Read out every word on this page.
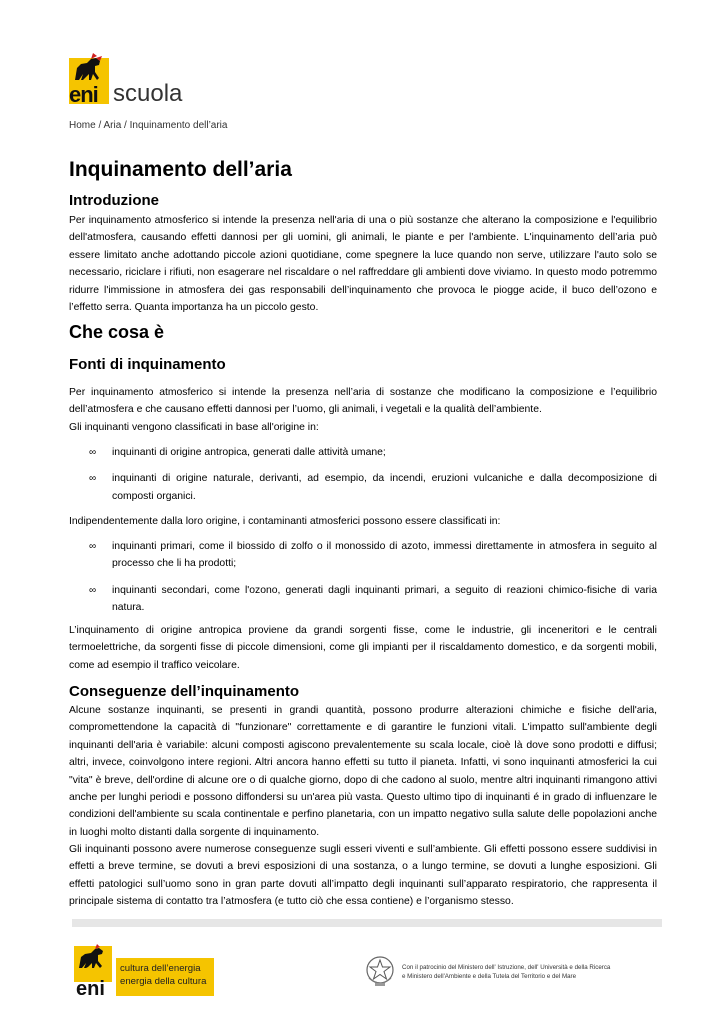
eni scuola
Home / Aria / Inquinamento dell’aria
Inquinamento dell’aria
Introduzione

Per inquinamento atmosferico si intende la presenza nell'aria di una o più sostanze che alterano la composizione e l'equilibrio dell'atmosfera, causando effetti dannosi per gli uomini, gli animali, le piante e per l'ambiente. L'inquinamento dell’aria può essere limitato anche adottando piccole azioni quotidiane, come spegnere la luce quando non serve, utilizzare l'auto solo se necessario, riciclare i rifiuti, non esagerare nel riscaldare o nel raffreddare gli ambienti dove viviamo. In questo modo potremmo ridurre l'immissione in atmosfera dei gas responsabili dell’inquinamento che provoca le piogge acide, il buco dell’ozono e l’effetto serra. Quanta importanza ha un piccolo gesto.

Che cosa è
Fonti di inquinamento

Per inquinamento atmosferico si intende la presenza nell’aria di sostanze che modificano la composizione e l’equilibrio dell’atmosfera e che causano effetti dannosi per l’uomo, gli animali, i vegetali e la qualità dell’ambiente.

Gli inquinanti vengono classificati in base all'origine in:

∞ inquinanti di origine antropica, generati dalle attività umane;
∞ inquinanti di origine naturale, derivanti, ad esempio, da incendi, eruzioni vulcaniche e dalla decomposizione di composti organici.

Indipendentemente dalla loro origine, i contaminanti atmosferici possono essere classificati in:

∞ inquinanti primari, come il biossido di zolfo o il monossido di azoto, immessi direttamente in atmosfera in seguito al processo che li ha prodotti;
∞ inquinanti secondari, come l'ozono, generati dagli inquinanti primari, a seguito di reazioni chimico-fisiche di varia natura.

L’inquinamento di origine antropica proviene da grandi sorgenti fisse, come le industrie, gli inceneritori e le centrali termoelettriche, da sorgenti fisse di piccole dimensioni, come gli impianti per il riscaldamento domestico, e da sorgenti mobili, come ad esempio il traffico veicolare.

Conseguenze dell’inquinamento

Alcune sostanze inquinanti, se presenti in grandi quantità, possono produrre alterazioni chimiche e fisiche dell'aria, compromettendone la capacità di "funzionare" correttamente e di garantire le funzioni vitali. L'impatto sull'ambiente degli inquinanti dell'aria è variabile: alcuni composti agiscono prevalentemente su scala locale, cioè là dove sono prodotti e diffusi; altri, invece, coinvolgono intere regioni. Altri ancora hanno effetti su tutto il pianeta. Infatti, vi sono inquinanti atmosferici la cui "vita" è breve, dell'ordine di alcune ore o di qualche giorno, dopo di che cadono al suolo, mentre altri inquinanti rimangono attivi anche per lunghi periodi e possono diffondersi su un'area più vasta. Questo ultimo tipo di inquinanti é in grado di influenzare le condizioni dell'ambiente su scala continentale e perfino planetaria, con un impatto negativo sulla salute delle popolazioni anche in luoghi molto distanti dalla sorgente di inquinamento.

Gli inquinanti possono avere numerose conseguenze sugli esseri viventi e sull’ambiente. Gli effetti possono essere suddivisi in effetti a breve termine, se dovuti a brevi esposizioni di una sostanza, o a lungo termine, se dovuti a lunghe esposizioni. Gli effetti patologici sull’uomo sono in gran parte dovuti all’impatto degli inquinanti sull’apparato respiratorio, che rappresenta il principale sistema di contatto tra l’atmosfera (e tutto ciò che essa contiene) e l’organismo stesso.

eni
cultura dell’energia
energia della cultura
Con il patrocinio del Ministero dell' Istruzione, dell' Università e della Ricerca
e Ministero dell'Ambiente e della Tutela del Territorio e del Mare
